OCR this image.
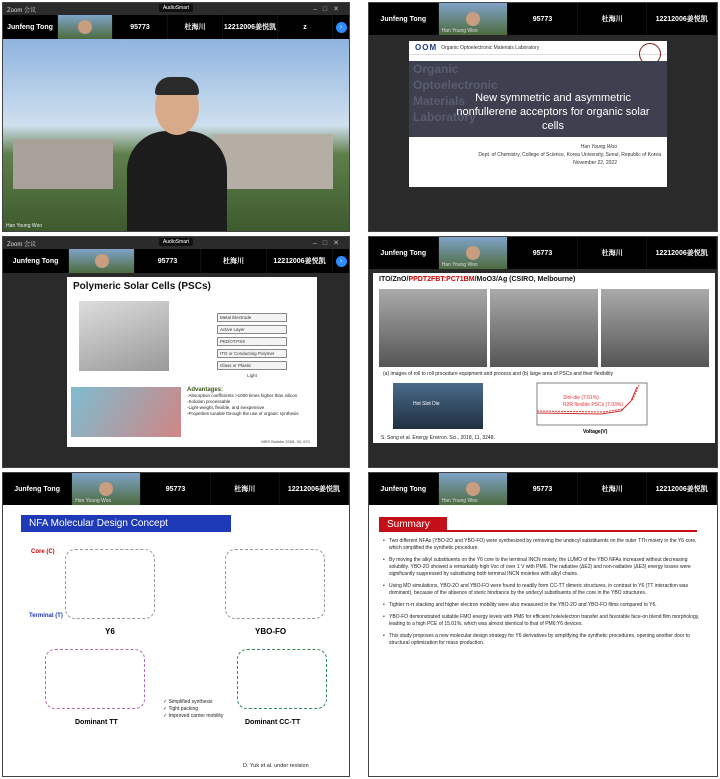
Zoom 会议	–□✕
AudioSmart
Junfeng Tong	95773	杜海川	12212006姜悦凯	z	›
Han Young Woo
Junfeng Tong
Han Young Woo
95773	杜海川	12212006姜悦凯
OOM Organic Optoelectronic Materials Laboratory
Organic
Optoelectronic
Materials
Laboratory
New symmetric and asymmetric nonfullerene acceptors for organic solar cells
Han Young Woo
Dept. of Chemistry, College of Science, Korea University, Seoul, Republic of Korea
November 22, 2022
Zoom 会议	–□✕
AudioSmart
Junfeng Tong	95773	杜海川	12212006姜悦凯	›
Polymeric Solar Cells (PSCs)
Metal Electrode
Active Layer
PEDOT:PSS
ITO or Conducting Polymer
Glass or Plastic
Light
Advantages:
-Absorption coefficients >1000 times higher than silicon
-Solution processable
-Light-weight, flexible, and inexpensive
-Properties tunable through the use of organic synthesis
MRS Bulletin 2008, 33, 670.
Junfeng Tong
Han Young Woo
95773	杜海川	12212006姜悦凯
ITO/ZnO/PPDT2FBT:PC71BM/MoO3/Ag (CSIRO, Melbourne)
(a) images of roll to roll procedure equipment and process and (b) large area of PSCs and their flexibility
Hot Slot Die
Slot-die (7.61%)
R2R flexible PSCs (7.03%)
Voltage(V)
S. Song et al. Energy Environ. Sci., 2018, 11, 3248.
Junfeng Tong
Han Young Woo
95773	杜海川	12212006姜悦凯
NFA Molecular Design Concept
Core (C)
Terminal (T)
Y6	YBO-FO
Dominant TT	Dominant CC-TT
✓ Simplified synthesis
✓ Tight packing
✓ Improved carrier mobility
D. Yuk et al. under revision
Junfeng Tong
Han Young Woo
95773	杜海川	12212006姜悦凯
Summary
• Two different NFAs (YBO-2O and YBO-FO) were synthesized by removing the undecyl substituents on the outer TTh moiety in the Y6 core, which simplified the synthetic procedure.
• By moving the alkyl substituents on the Y6 core to the terminal INCN moiety, the LUMO of the YBO NFAs increased without decreasing solubility. YBO-2O showed a remarkably high Voc of over 1 V with PM6. The radiative (ΔE2) and non-radiative (ΔE3) energy losses were significantly suppressed by substituting both terminal INCN moieties with alkyl chains.
• Using MD simulations, YBO-2O and YBO-FO were found to readily form CC-TT dimeric structures, in contrast to Y6 (TT interaction was dominant), because of the absence of steric hindrance by the undecyl substituents of the core in the YBO structures.
• Tighter π-π stacking and higher electron mobility were also measured in the YBO-2O and YBO-FO films compared to Y6.
• YBO-FO demonstrated suitable FMO energy levels with PM6 for efficient hole/electron transfer and favorable face-on blend film morphology, leading to a high PCE of 15.01%, which was almost identical to that of PM6:Y6 devices.
• This study proposes a new molecular design strategy for Y6 derivatives by simplifying the synthetic procedures, opening another door to structural optimization for mass production.
